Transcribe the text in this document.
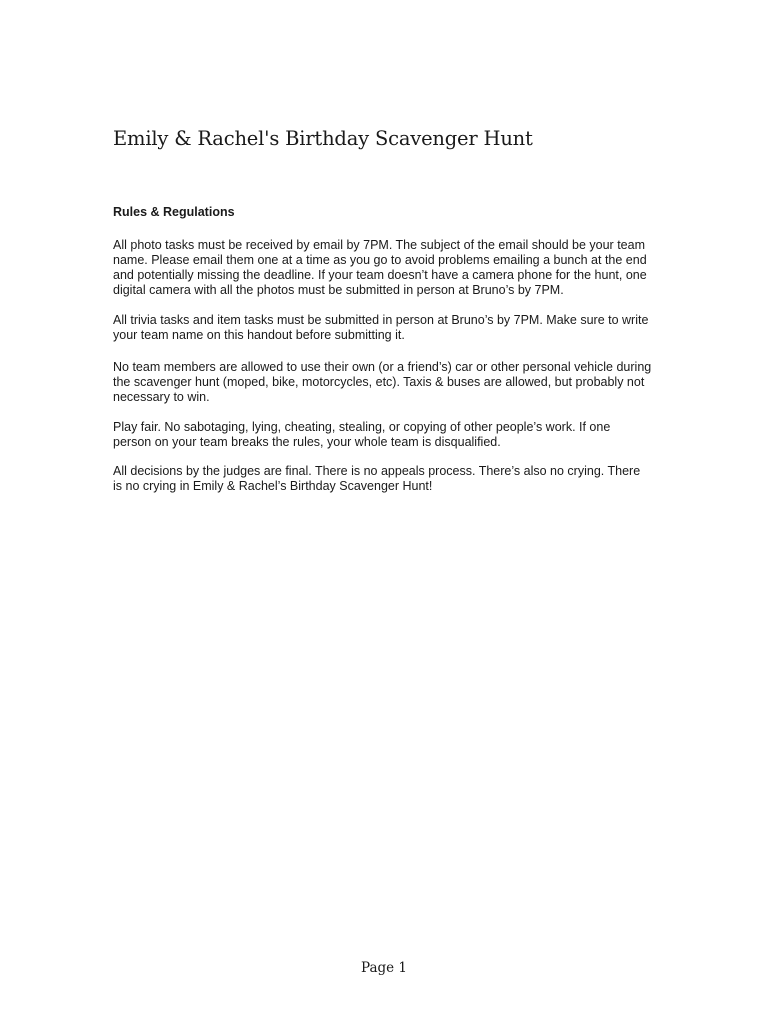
Emily & Rachel's Birthday Scavenger Hunt
Rules & Regulations

All photo tasks must be received by email by 7PM. The subject of the email should be your team
name. Please email them one at a time as you go to avoid problems emailing a bunch at the end
and potentially missing the deadline. If your team doesn’t have a camera phone for the hunt, one
digital camera with all the photos must be submitted in person at Bruno’s by 7PM.

All trivia tasks and item tasks must be submitted in person at Bruno’s by 7PM. Make sure to write
your team name on this handout before submitting it.

No team members are allowed to use their own (or a friend’s) car or other personal vehicle during
the scavenger hunt (moped, bike, motorcycles, etc). Taxis & buses are allowed, but probably not
necessary to win.

Play fair. No sabotaging, lying, cheating, stealing, or copying of other people’s work. If one
person on your team breaks the rules, your whole team is disqualified.

All decisions by the judges are final. There is no appeals process. There’s also no crying. There
is no crying in Emily & Rachel’s Birthday Scavenger Hunt!

Page 1
